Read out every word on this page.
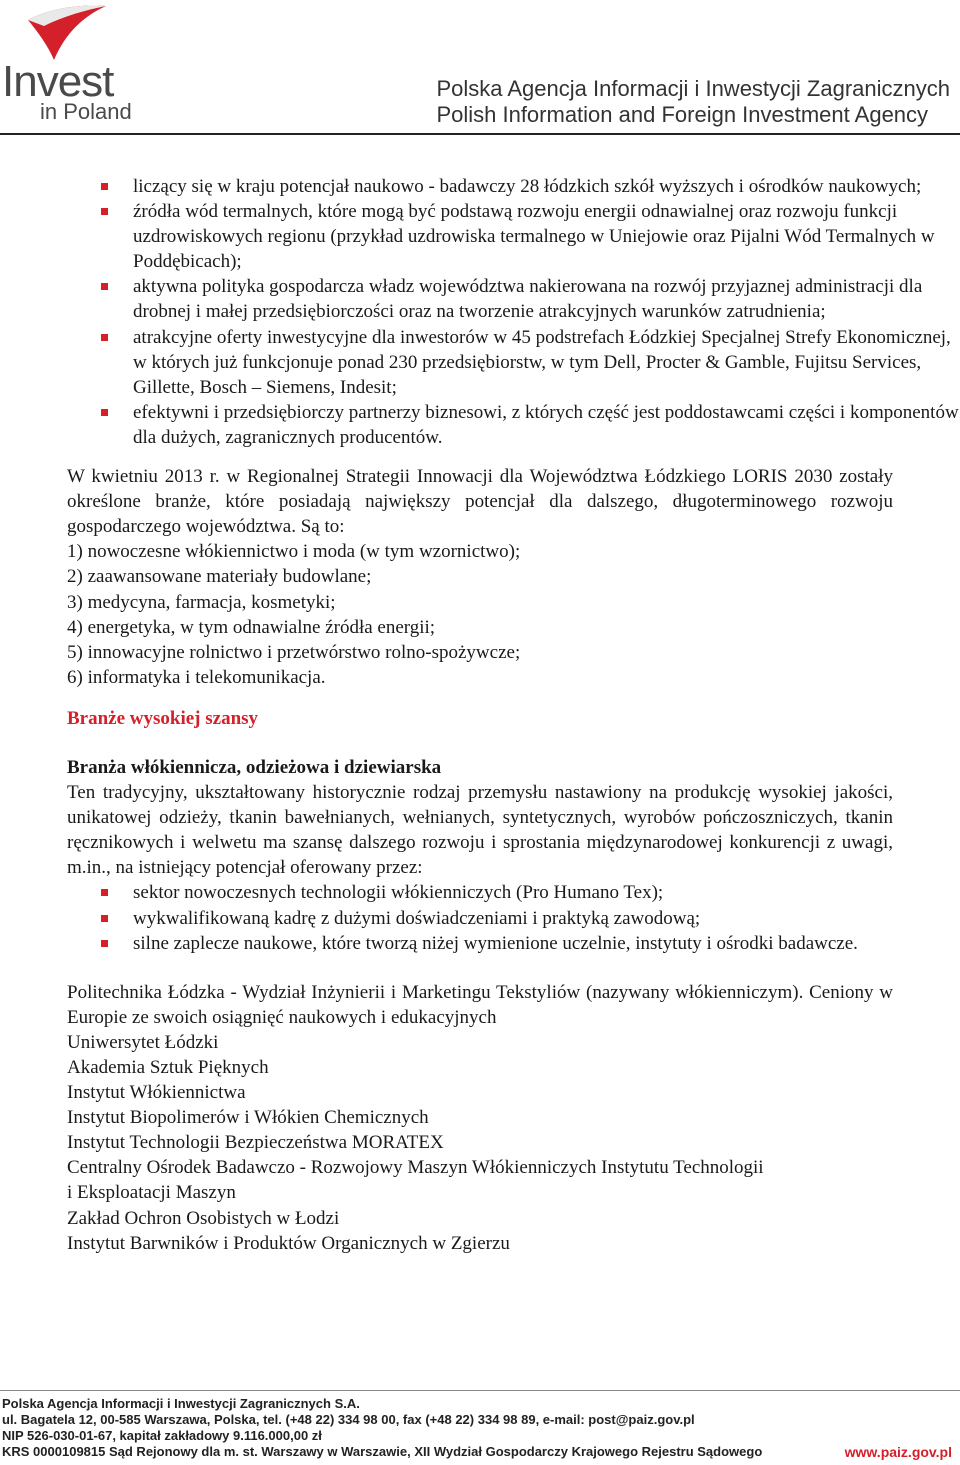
Invest
in Poland
Polska Agencja Informacji i Inwestycji Zagranicznych
Polish Information and Foreign Investment Agency
liczący się w kraju potencjał naukowo - badawczy 28 łódzkich szkół wyższych i ośrodków naukowych;
źródła wód termalnych, które mogą być podstawą rozwoju energii odnawialnej oraz rozwoju funkcji uzdrowiskowych regionu (przykład uzdrowiska termalnego w Uniejowie oraz Pijalni Wód Termalnych w Poddębicach);
aktywna polityka gospodarcza władz województwa nakierowana na rozwój przyjaznej administracji dla drobnej i małej przedsiębiorczości oraz na tworzenie atrakcyjnych warunków zatrudnienia;
atrakcyjne oferty inwestycyjne dla inwestorów w 45 podstrefach Łódzkiej Specjalnej Strefy Ekonomicznej, w których już funkcjonuje ponad 230 przedsiębiorstw, w tym Dell, Procter & Gamble, Fujitsu Services, Gillette, Bosch – Siemens, Indesit;
efektywni i przedsiębiorczy partnerzy biznesowi, z których część jest poddostawcami części i komponentów dla dużych, zagranicznych producentów.

W kwietniu 2013 r. w Regionalnej Strategii Innowacji dla Województwa Łódzkiego LORIS 2030 zostały określone branże, które posiadają największy potencjał dla dalszego, długoterminowego rozwoju gospodarczego województwa. Są to:

1) nowoczesne włókiennictwo i moda (w tym wzornictwo);

2) zaawansowane materiały budowlane;

3) medycyna, farmacja, kosmetyki;

4) energetyka, w tym odnawialne źródła energii;

5) innowacyjne rolnictwo i przetwórstwo rolno-spożywcze;

6) informatyka i telekomunikacja.

Branże wysokiej szansy

Branża włókiennicza, odzieżowa i dziewiarska

Ten tradycyjny, ukształtowany historycznie rodzaj przemysłu nastawiony na produkcję wysokiej jakości, unikatowej odzieży, tkanin bawełnianych, wełnianych, syntetycznych, wyrobów pończoszniczych, tkanin ręcznikowych i welwetu ma szansę dalszego rozwoju i sprostania międzynarodowej konkurencji z uwagi, m.in., na istniejący potencjał oferowany przez:

sektor nowoczesnych technologii włókienniczych (Pro Humano Tex);
wykwalifikowaną kadrę z dużymi doświadczeniami i praktyką zawodową;
silne zaplecze naukowe, które tworzą niżej wymienione uczelnie, instytuty i ośrodki badawcze.

Politechnika Łódzka - Wydział Inżynierii i Marketingu Tekstyliów (nazywany włókienniczym). Ceniony w Europie ze swoich osiągnięć naukowych i edukacyjnych

Uniwersytet Łódzki

Akademia Sztuk Pięknych

Instytut Włókiennictwa

Instytut Biopolimerów i Włókien Chemicznych

Instytut Technologii Bezpieczeństwa MORATEX

Centralny Ośrodek Badawczo - Rozwojowy Maszyn Włókienniczych Instytutu Technologii i Eksploatacji Maszyn

Zakład Ochron Osobistych w Łodzi

Instytut Barwników i Produktów Organicznych w Zgierzu

Polska Agencja Informacji i Inwestycji Zagranicznych S.A.
ul. Bagatela 12, 00-585 Warszawa, Polska, tel. (+48 22) 334 98 00, fax (+48 22) 334 98 89, e-mail: post@paiz.gov.pl
NIP 526-030-01-67, kapitał zakładowy 9.116.000,00 zł
KRS 0000109815 Sąd Rejonowy dla m. st. Warszawy w Warszawie, XII Wydział Gospodarczy Krajowego Rejestru Sądowego	www.paiz.gov.pl
